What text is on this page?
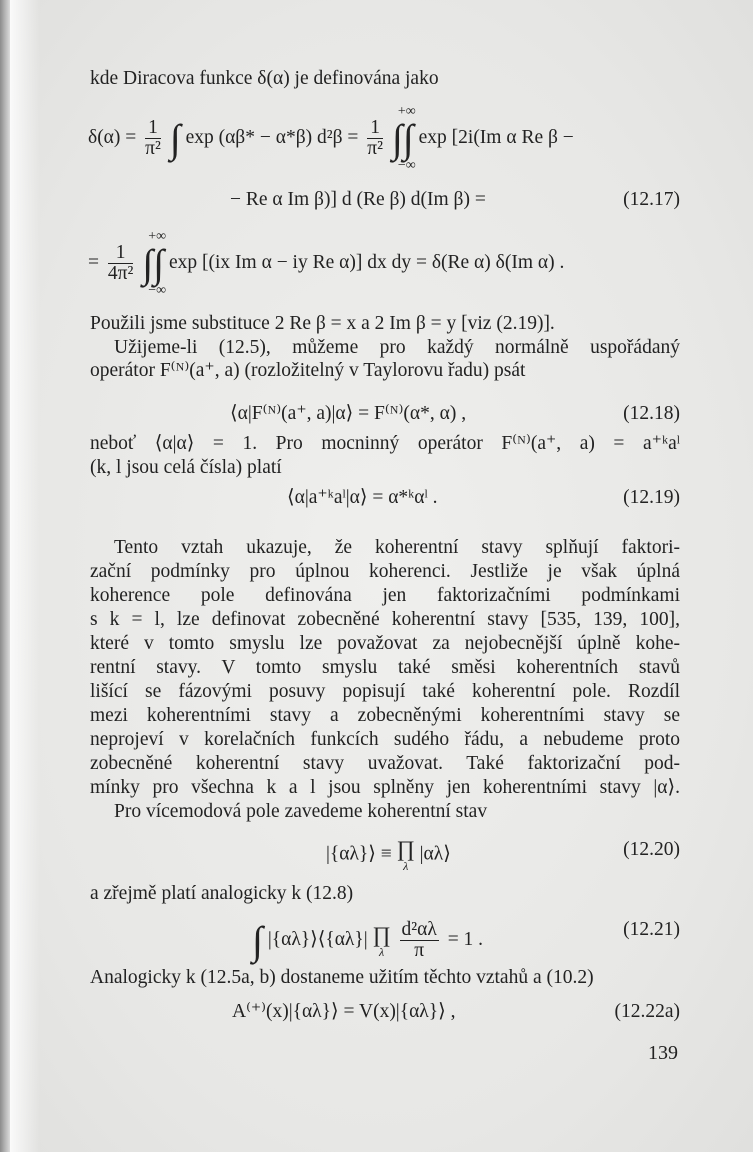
kde Diracova funkce δ(α) je definována jako
$\delta(\alpha) = \frac{1}{\text{π²}}$ ∫ exp (αβ* − α*β) $d^2\beta = \frac{1}{\text{π²}}$

+∞
∫∫
−∞
exp [2i(Im α Re β −
− Re α Im β)] d (Re β) d(Im β) =	(12.17)
= $\frac{1}{\text{4π²}}$

+∞
∫∫
−∞
exp [(ix Im α − iy Re α)] dx dy = δ(Re α) δ(Im α) .
Použili jsme substituce 2 Re β = x a 2 Im β = y [viz (2.19)].
Užijeme-li (12.5), můžeme pro každý normálně uspořádaný
operátor F⁽ᴺ⁾(a⁺, a) (rozložitelný v Taylorovu řadu) psát
⟨α|F⁽ᴺ⁾(a⁺, a)|α⟩ = F⁽ᴺ⁾(α*, α) ,	(12.18)
neboť ⟨α|α⟩ = 1. Pro mocninný operátor F⁽ᴺ⁾(a⁺, a) = a⁺ᵏaˡ
(k, l jsou celá čísla) platí
⟨α|a⁺ᵏaˡ|α⟩ = α*ᵏαˡ .	(12.19)
Tento vztah ukazuje, že koherentní stavy splňují faktori-
zační podmínky pro úplnou koherenci. Jestliže je však úplná
koherence pole definována jen faktorizačními podmínkami
s k = l, lze definovat zobecněné koherentní stavy [535, 139, 100],
které v tomto smyslu lze považovat za nejobecnější úplně kohe-
rentní stavy. V tomto smyslu také směsi koherentních stavů
lišící se fázovými posuvy popisují také koherentní pole. Rozdíl
mezi koherentními stavy a zobecněnými koherentními stavy se
neprojeví v korelačních funkcích sudého řádu, a nebudeme proto
zobecněné koherentní stavy uvažovat. Také faktorizační pod-
mínky pro všechna k a l jsou splněny jen koherentními stavy |α⟩.
Pro vícemodová pole zavedeme koherentní stav
|{αλ}⟩ ≡ ∏
λ
|αλ⟩	(12.20)
a zřejmě platí analogicky k (12.8)
∫ |{αλ}⟩⟨{αλ}| ∏
λ
$\frac{\text{d²αλ}}{\pi} = 1$ .	(12.21)
Analogicky k (12.5a, b) dostaneme užitím těchto vztahů a (10.2)
A⁽⁺⁾(x)|{αλ}⟩ = V(x)|{αλ}⟩ ,	(12.22a)
139
